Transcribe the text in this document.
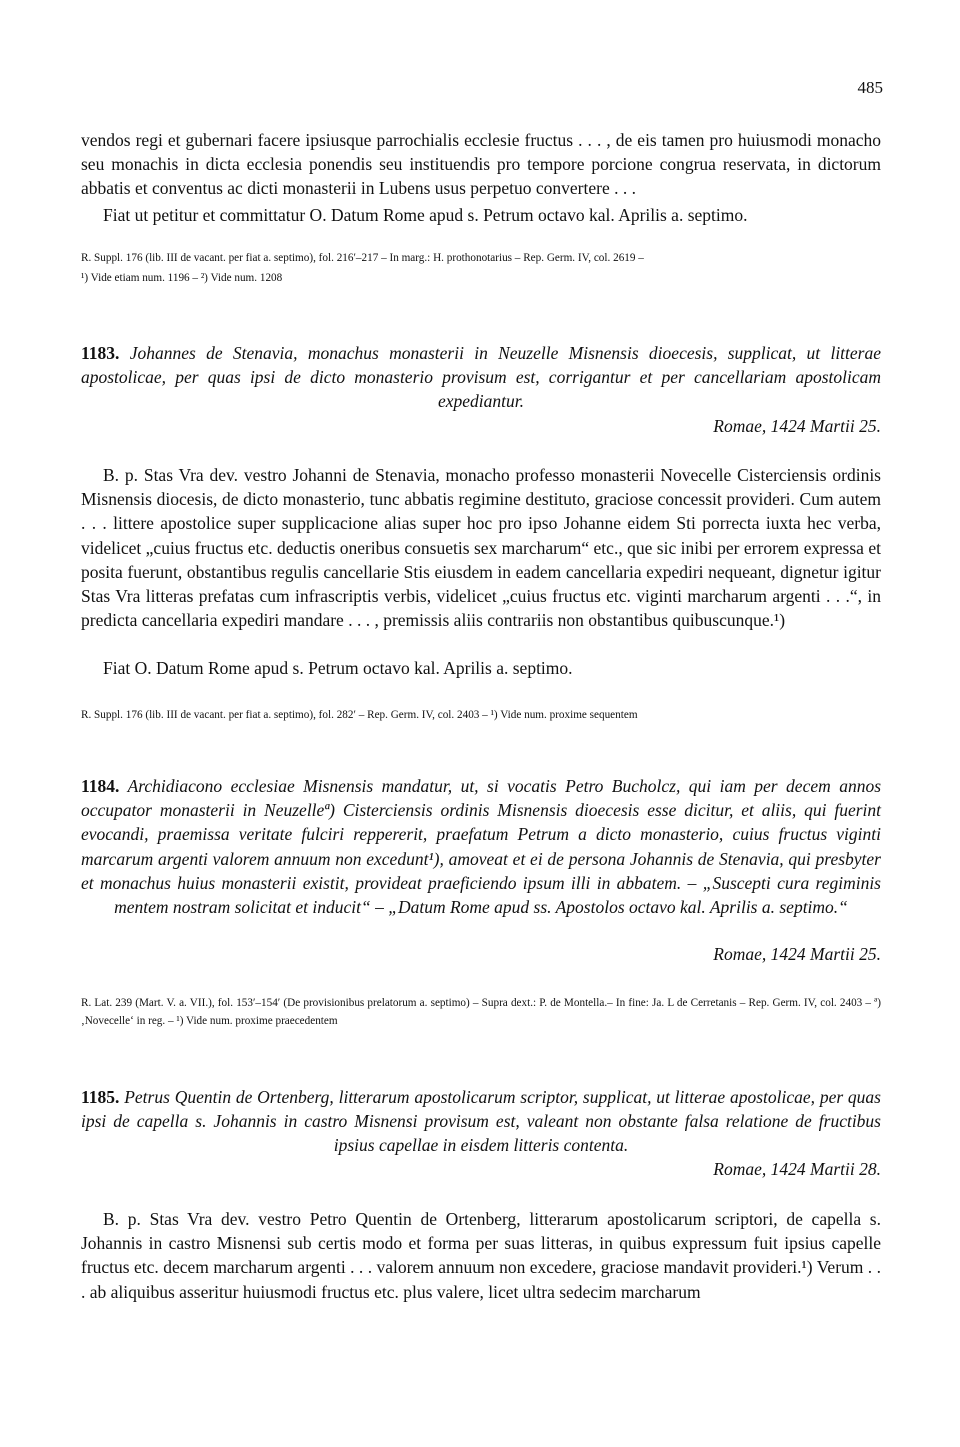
485
vendos regi et gubernari facere ipsiusque parrochialis ecclesie fructus . . . , de eis tamen pro huiusmodi monacho seu monachis in dicta ecclesia ponendis seu instituendis pro tempore porcione congrua reservata, in dictorum abbatis et conventus ac dicti monasterii in Lubens usus perpetuo convertere . . .
Fiat ut petitur et committatur O. Datum Rome apud s. Petrum octavo kal. Aprilis a. septimo.
R. Suppl. 176 (lib. III de vacant. per fiat a. septimo), fol. 216′–217 – In marg.: H. prothonotarius – Rep. Germ. IV, col. 2619 –
¹) Vide etiam num. 1196 – ²) Vide num. 1208
1183. Johannes de Stenavia, monachus monasterii in Neuzelle Misnensis dioecesis, supplicat, ut litterae apostolicae, per quas ipsi de dicto monasterio provisum est, corrigantur et per cancellariam apostolicam expediantur.
Romae, 1424 Martii 25.
B. p. Stas Vra dev. vestro Johanni de Stenavia, monacho professo monasterii Novecelle Cisterciensis ordinis Misnensis diocesis, de dicto monasterio, tunc abbatis regimine destituto, graciose concessit provideri. Cum autem . . . littere apostolice super supplicacione alias super hoc pro ipso Johanne eidem Sti porrecta iuxta hec verba, videlicet „cuius fructus etc. deductis oneribus consuetis sex marcharum“ etc., que sic inibi per errorem expressa et posita fuerunt, obstantibus regulis cancellarie Stis eiusdem in eadem cancellaria expediri nequeant, dignetur igitur Stas Vra litteras prefatas cum infrascriptis verbis, videlicet „cuius fructus etc. viginti marcharum argenti . . .“, in predicta cancellaria expediri mandare . . . , premissis aliis contrariis non obstantibus quibuscunque.¹)
Fiat O. Datum Rome apud s. Petrum octavo kal. Aprilis a. septimo.
R. Suppl. 176 (lib. III de vacant. per fiat a. septimo), fol. 282′ – Rep. Germ. IV, col. 2403 – ¹) Vide num. proxime sequentem
1184. Archidiacono ecclesiae Misnensis mandatur, ut, si vocatis Petro Bucholcz, qui iam per decem annos occupator monasterii in Neuzelleª) Cisterciensis ordinis Misnensis dioecesis esse dicitur, et aliis, qui fuerint evocandi, praemissa veritate fulciri reppererit, praefatum Petrum a dicto monasterio, cuius fructus viginti marcarum argenti valorem annuum non excedunt¹), amoveat et ei de persona Johannis de Stenavia, qui presbyter et monachus huius monasterii existit, provideat praeficiendo ipsum illi in abbatem. – „Suscepti cura regiminis mentem nostram solicitat et inducit“ – „Datum Rome apud ss. Apostolos octavo kal. Aprilis a. septimo.“
Romae, 1424 Martii 25.
R. Lat. 239 (Mart. V. a. VII.), fol. 153′–154′ (De provisionibus prelatorum a. septimo) – Supra dext.: P. de Montella.– In fine: Ja. L de Cerretanis – Rep. Germ. IV, col. 2403 – ª) ‚Novecelle‘ in reg. – ¹) Vide num. proxime praecedentem
1185. Petrus Quentin de Ortenberg, litterarum apostolicarum scriptor, supplicat, ut litterae apostolicae, per quas ipsi de capella s. Johannis in castro Misnensi provisum est, valeant non obstante falsa relatione de fructibus ipsius capellae in eisdem litteris contenta.
Romae, 1424 Martii 28.
B. p. Stas Vra dev. vestro Petro Quentin de Ortenberg, litterarum apostolicarum scriptori, de capella s. Johannis in castro Misnensi sub certis modo et forma per suas litteras, in quibus expressum fuit ipsius capelle fructus etc. decem marcharum argenti . . . valorem annuum non excedere, graciose mandavit provideri.¹) Verum . . . ab aliquibus asseritur huiusmodi fructus etc. plus valere, licet ultra sedecim marcharum
